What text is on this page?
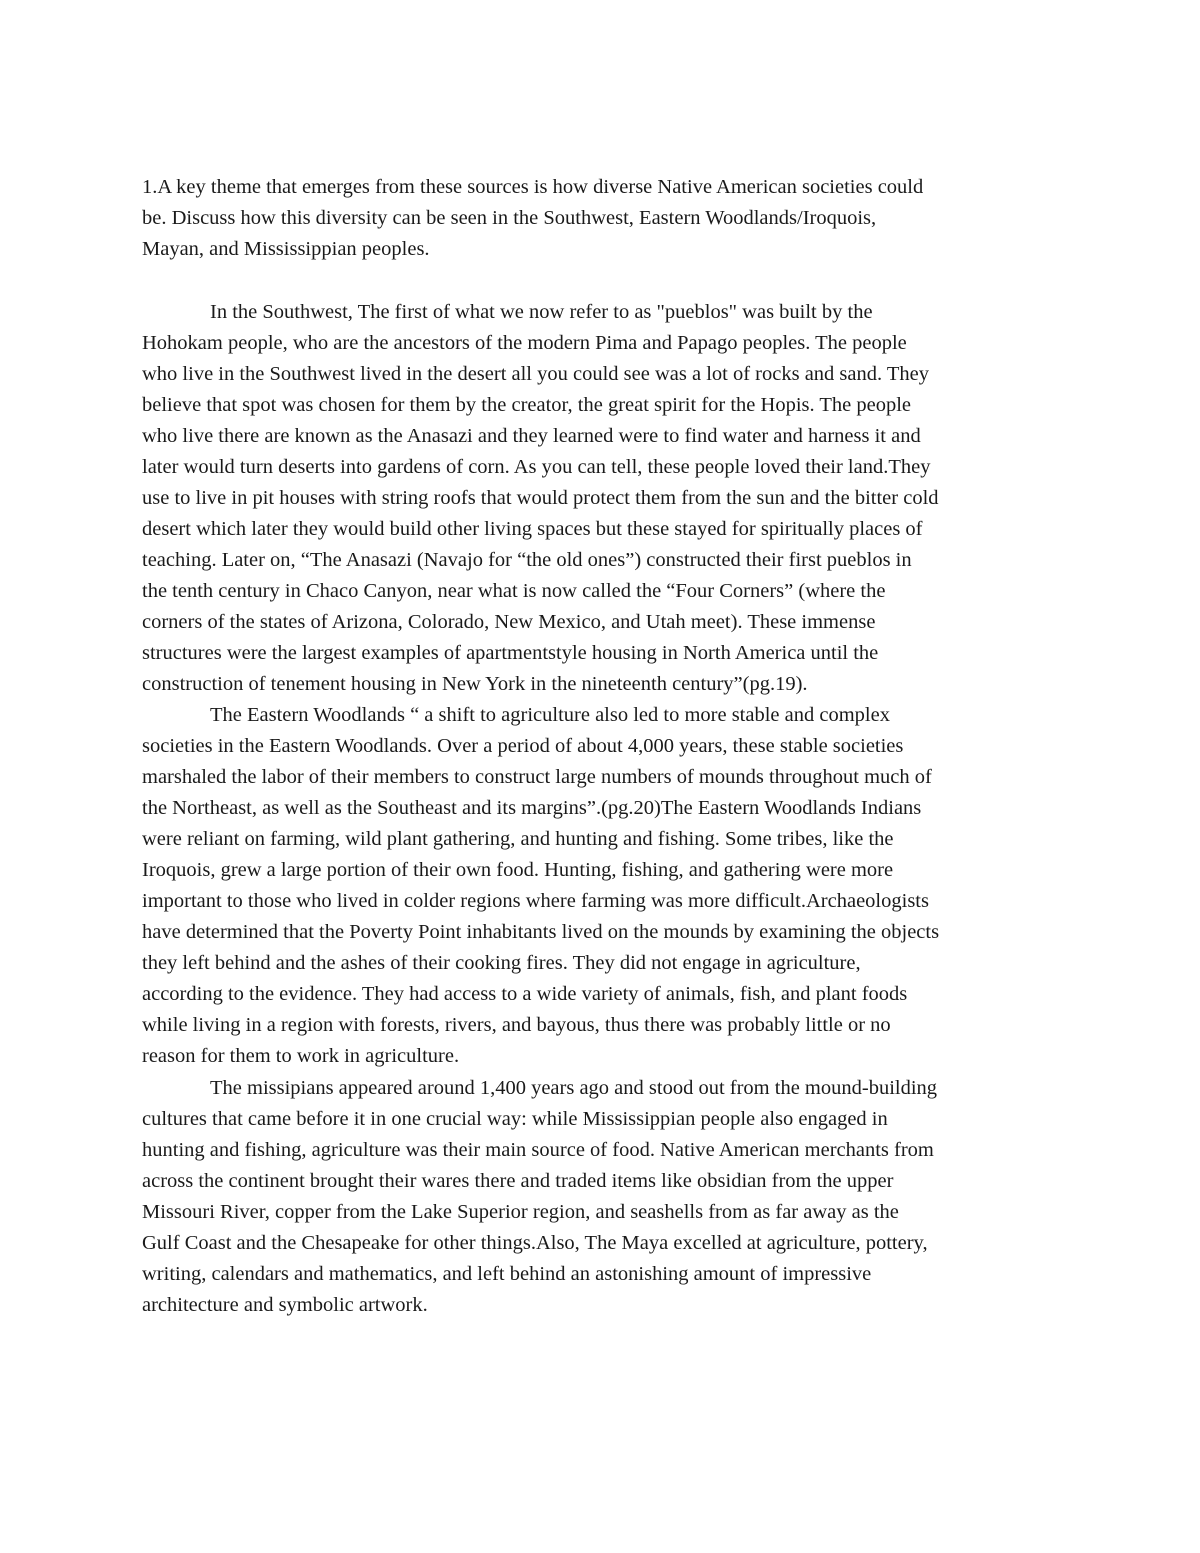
1.A key theme that emerges from these sources is how diverse Native American societies could
be. Discuss how this diversity can be seen in the Southwest, Eastern Woodlands/Iroquois,
Mayan, and Mississippian peoples.
In the Southwest, The first of what we now refer to as "pueblos" was built by the
Hohokam people, who are the ancestors of the modern Pima and Papago peoples. The people
who live in the Southwest lived in the desert all you could see was a lot of rocks and sand. They
believe that spot was chosen for them by the creator, the great spirit for the Hopis. The people
who live there are known as the Anasazi and they learned were to find water and harness it and
later would turn deserts into gardens of corn. As you can tell, these people loved their land.They
use to live in pit houses with string roofs that would protect them from the sun and the bitter cold
desert which later they would build other living spaces but these stayed for spiritually places of
teaching. Later on, “The Anasazi (Navajo for “the old ones”) constructed their first pueblos in
the tenth century in Chaco Canyon, near what is now called the “Four Corners” (where the
corners of the states of Arizona, Colorado, New Mexico, and Utah meet). These immense
structures were the largest examples of apartmentstyle housing in North America until the
construction of tenement housing in New York in the nineteenth century”(pg.19).
The Eastern Woodlands “ a shift to agriculture also led to more stable and complex
societies in the Eastern Woodlands. Over a period of about 4,000 years, these stable societies
marshaled the labor of their members to construct large numbers of mounds throughout much of
the Northeast, as well as the Southeast and its margins”.(pg.20)The Eastern Woodlands Indians
were reliant on farming, wild plant gathering, and hunting and fishing. Some tribes, like the
Iroquois, grew a large portion of their own food. Hunting, fishing, and gathering were more
important to those who lived in colder regions where farming was more difficult.Archaeologists
have determined that the Poverty Point inhabitants lived on the mounds by examining the objects
they left behind and the ashes of their cooking fires. They did not engage in agriculture,
according to the evidence. They had access to a wide variety of animals, fish, and plant foods
while living in a region with forests, rivers, and bayous, thus there was probably little or no
reason for them to work in agriculture.
The missipians appeared around 1,400 years ago and stood out from the mound-building
cultures that came before it in one crucial way: while Mississippian people also engaged in
hunting and fishing, agriculture was their main source of food. Native American merchants from
across the continent brought their wares there and traded items like obsidian from the upper
Missouri River, copper from the Lake Superior region, and seashells from as far away as the
Gulf Coast and the Chesapeake for other things.Also, The Maya excelled at agriculture, pottery,
writing, calendars and mathematics, and left behind an astonishing amount of impressive
architecture and symbolic artwork.
